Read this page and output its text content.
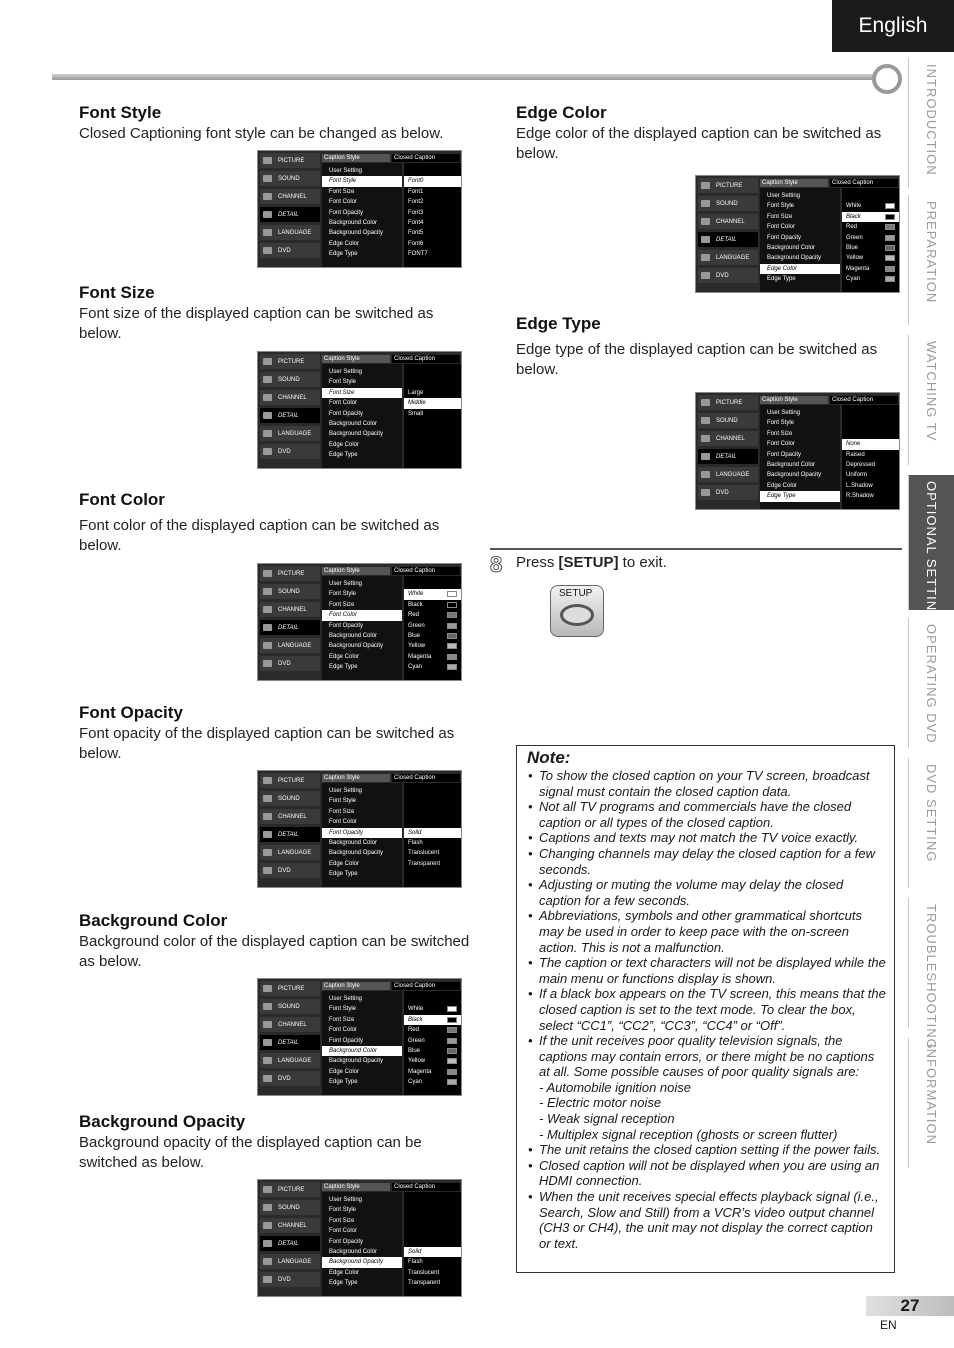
English
INTRODUCTION
PREPARATION
WATCHING TV
OPTIONAL SETTING
OPERATING DVD
DVD SETTING
TROUBLESHOOTING
INFORMATION
Font Style
Closed Captioning font style can be changed as below.
PICTURE
SOUND
CHANNEL
DETAIL
LANGUAGE
DVD
Caption Style	Closed Caption
User Setting
Font Style
Font Size
Font Color
Font Opacity
Background Color
Background Opacity
Edge Color
Edge Type
Font0
Font1
Font2
Font3
Font4
Font5
Font6
FONT7
Font Size
Font size of the displayed caption can be switched as below.
PICTURE
SOUND
CHANNEL
DETAIL
LANGUAGE
DVD
Caption Style	Closed Caption
User Setting
Font Style
Font Size
Font Color
Font Opacity
Background Color
Background Opacity
Edge Color
Edge Type
Large
Middle
Small
Font Color
Font color of the displayed caption can be switched as below.
PICTURE
SOUND
CHANNEL
DETAIL
LANGUAGE
DVD
Caption Style	Closed Caption
User Setting
Font Style
Font Size
Font Color
Font Opacity
Background Color
Background Opacity
Edge Color
Edge Type
White
Black
Red
Green
Blue
Yellow
Magenta
Cyan
Font Opacity
Font opacity of the displayed caption can be switched as below.
PICTURE
SOUND
CHANNEL
DETAIL
LANGUAGE
DVD
Caption Style	Closed Caption
User Setting
Font Style
Font Size
Font Color
Font Opacity
Background Color
Background Opacity
Edge Color
Edge Type
Solid
Flash
Translucent
Transparent
Background Color
Background color of the displayed caption can be switched as below.
PICTURE
SOUND
CHANNEL
DETAIL
LANGUAGE
DVD
Caption Style	Closed Caption
User Setting
Font Style
Font Size
Font Color
Font Opacity
Background Color
Background Opacity
Edge Color
Edge Type
White
Black
Red
Green
Blue
Yellow
Magenta
Cyan
Background Opacity
Background opacity of the displayed caption can be switched as below.
PICTURE
SOUND
CHANNEL
DETAIL
LANGUAGE
DVD
Caption Style	Closed Caption
User Setting
Font Style
Font Size
Font Color
Font Opacity
Background Color
Background Opacity
Edge Color
Edge Type
Solid
Flash
Translucent
Transparent
Edge Color
Edge color of the displayed caption can be switched as below.
PICTURE
SOUND
CHANNEL
DETAIL
LANGUAGE
DVD
Caption Style	Closed Caption
User Setting
Font Style
Font Size
Font Color
Font Opacity
Background Color
Background Opacity
Edge Color
Edge Type
White
Black
Red
Green
Blue
Yellow
Magenta
Cyan
Edge Type
Edge type of the displayed caption can be switched as below.
PICTURE
SOUND
CHANNEL
DETAIL
LANGUAGE
DVD
Caption Style	Closed Caption
User Setting
Font Style
Font Size
Font Color
Font Opacity
Background Color
Background Opacity
Edge Color
Edge Type
None
Raised
Depressed
Uniform
L.Shadow
R.Shadow
8 Press [SETUP] to exit.
SETUP
Note:
• To show the closed caption on your TV screen, broadcast signal must contain the closed caption data.
• Not all TV programs and commercials have the closed caption or all types of the closed caption.
• Captions and texts may not match the TV voice exactly.
• Changing channels may delay the closed caption for a few seconds.
• Adjusting or muting the volume may delay the closed caption for a few seconds.
• Abbreviations, symbols and other grammatical shortcuts may be used in order to keep pace with the on-screen action. This is not a malfunction.
• The caption or text characters will not be displayed while the main menu or functions display is shown.
• If a black box appears on the TV screen, this means that the closed caption is set to the text mode. To clear the box, select “CC1”, “CC2”, “CC3”, “CC4” or “Off”.
• If the unit receives poor quality television signals, the captions may contain errors, or there might be no captions at all. Some possible causes of poor quality signals are:
- Automobile ignition noise
- Electric motor noise
- Weak signal reception
- Multiplex signal reception (ghosts or screen flutter)
• The unit retains the closed caption setting if the power fails.
• Closed caption will not be displayed when you are using an HDMI connection.
• When the unit receives special effects playback signal (i.e., Search, Slow and Still) from a VCR’s video output channel (CH3 or CH4), the unit may not display the correct caption or text.
27
EN
